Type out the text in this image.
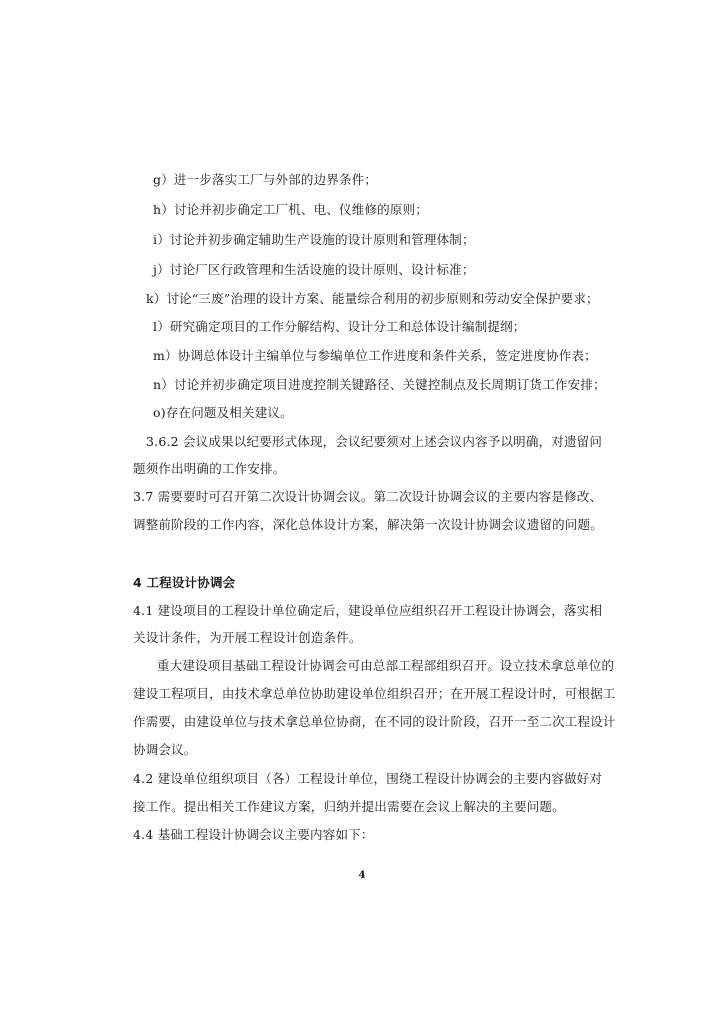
g）进一步落实工厂与外部的边界条件；
h）讨论并初步确定工厂机、电、仪维修的原则；
i）讨论并初步确定辅助生产设施的设计原则和管理体制；
j）讨论厂区行政管理和生活设施的设计原则、设计标准；
k）讨论“三废”治理的设计方案、能量综合利用的初步原则和劳动安全保护要求；
l）研究确定项目的工作分解结构、设计分工和总体设计编制提纲；
m）协调总体设计主编单位与参编单位工作进度和条件关系，签定进度协作表；
n）讨论并初步确定项目进度控制关键路径、关键控制点及长周期订货工作安排；
o)存在问题及相关建议。
3.6.2 会议成果以纪要形式体现，会议纪要须对上述会议内容予以明确，对遗留问
题须作出明确的工作安排。
3.7 需要要时可召开第二次设计协调会议。第二次设计协调会议的主要内容是修改、
调整前阶段的工作内容，深化总体设计方案，解决第一次设计协调会议遗留的问题。
4 工程设计协调会
4.1 建设项目的工程设计单位确定后，建设单位应组织召开工程设计协调会，落实相
关设计条件，为开展工程设计创造条件。
重大建设项目基础工程设计协调会可由总部工程部组织召开。设立技术拿总单位的
建设工程项目，由技术拿总单位协助建设单位组织召开；在开展工程设计时，可根据工
作需要，由建设单位与技术拿总单位协商，在不同的设计阶段，召开一至二次工程设计
协调会议。
4.2 建设单位组织项目（各）工程设计单位，围绕工程设计协调会的主要内容做好对
接工作。提出相关工作建议方案，归纳并提出需要在会议上解决的主要问题。
4.4 基础工程设计协调会议主要内容如下：
4
